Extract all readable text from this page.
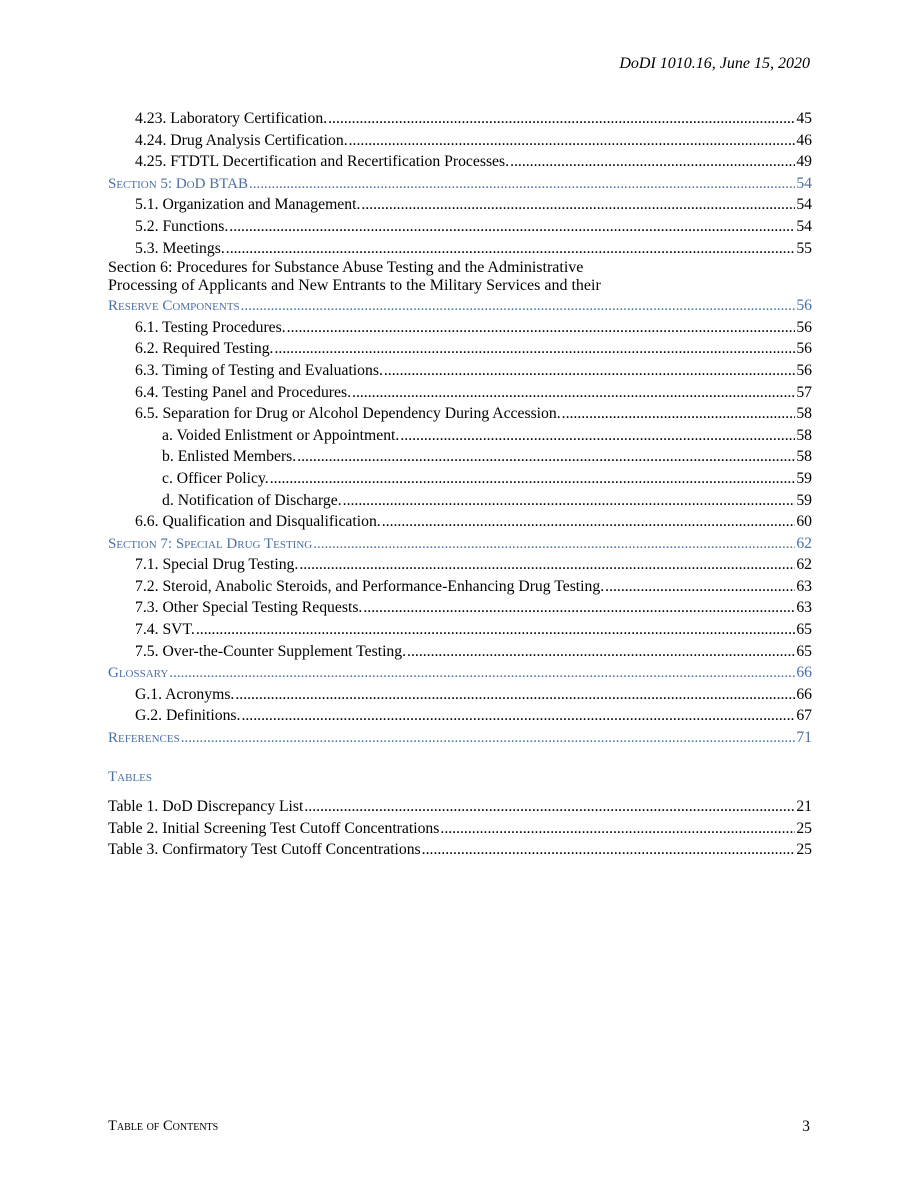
DoDI 1010.16, June 15, 2020
4.23. Laboratory Certification. .....	45
4.24. Drug Analysis Certification. .....	46
4.25. FTDTL Decertification and Recertification Processes. .....	49
Section 5: DoD BTAB .....	54
5.1. Organization and Management. .....	54
5.2. Functions. .....	54
5.3. Meetings. .....	55
Section 6: Procedures for Substance Abuse Testing and the Administrative
Processing of Applicants and New Entrants to the Military Services and their
Reserve Components .....	56
6.1. Testing Procedures. .....	56
6.2. Required Testing. .....	56
6.3. Timing of Testing and Evaluations. .....	56
6.4. Testing Panel and Procedures. .....	57
6.5. Separation for Drug or Alcohol Dependency During Accession. .....	58
a. Voided Enlistment or Appointment. .....	58
b. Enlisted Members. .....	58
c. Officer Policy. .....	59
d. Notification of Discharge. .....	59
6.6. Qualification and Disqualification. .....	60
Section 7: Special Drug Testing .....	62
7.1. Special Drug Testing. .....	62
7.2. Steroid, Anabolic Steroids, and Performance-Enhancing Drug Testing. .....	63
7.3. Other Special Testing Requests. .....	63
7.4. SVT. .....	65
7.5. Over-the-Counter Supplement Testing. .....	65
Glossary .....	66
G.1. Acronyms. .....	66
G.2. Definitions. .....	67
References .....	71
Tables
Table 1. DoD Discrepancy List .....	21
Table 2. Initial Screening Test Cutoff Concentrations .....	25
Table 3. Confirmatory Test Cutoff Concentrations .....	25
Table of Contents	3
